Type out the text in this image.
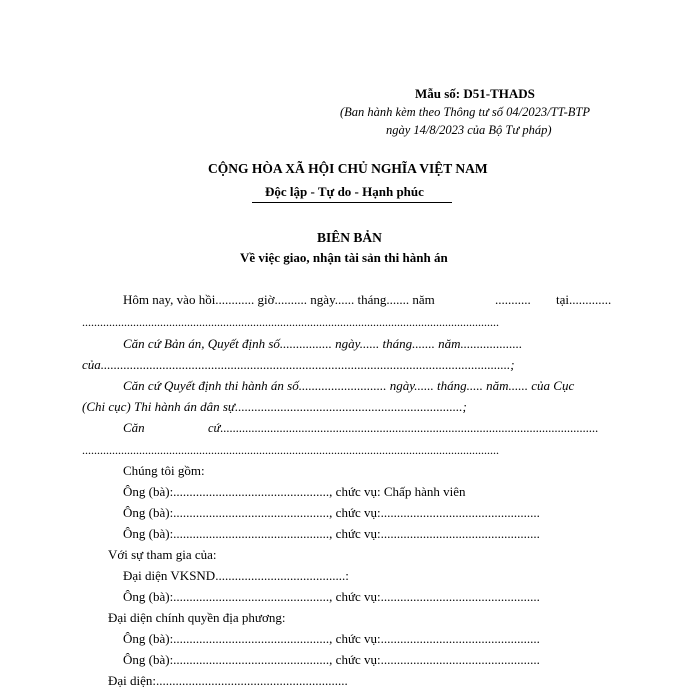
Mẫu số: D51-THADS
(Ban hành kèm theo Thông tư số 04/2023/TT-BTP
ngày 14/8/2023 của Bộ Tư pháp)
CỘNG HÒA XÃ HỘI CHỦ NGHĨA VIỆT NAM
Độc lập - Tự do - Hạnh phúc
BIÊN BẢN
Về việc giao, nhận tài sản thi hành án
Hôm nay, vào hồi............ giờ.......... ngày...... tháng....... năm	........... tại.............
...........................................................................................................................................
Căn cứ Bản án, Quyết định số................ ngày...... tháng....... năm...................
của..............................................................................................................................;
Căn cứ Quyết định thi hành án số........................... ngày...... tháng..... năm...... của Cục
(Chi cục) Thi hành án dân sự......................................................................;
Căn	cứ.........................................................................................................................
...........................................................................................................................................
Chúng tôi gồm:
Ông (bà):................................................, chức vụ: Chấp hành viên
Ông (bà):................................................, chức vụ:.................................................
Ông (bà):................................................, chức vụ:.................................................
Với sự tham gia của:
Đại diện VKSND........................................:
Ông (bà):................................................, chức vụ:.................................................
Đại diện chính quyền địa phương:
Ông (bà):................................................, chức vụ:.................................................
Ông (bà):................................................, chức vụ:.................................................
Đại diện:...........................................................
